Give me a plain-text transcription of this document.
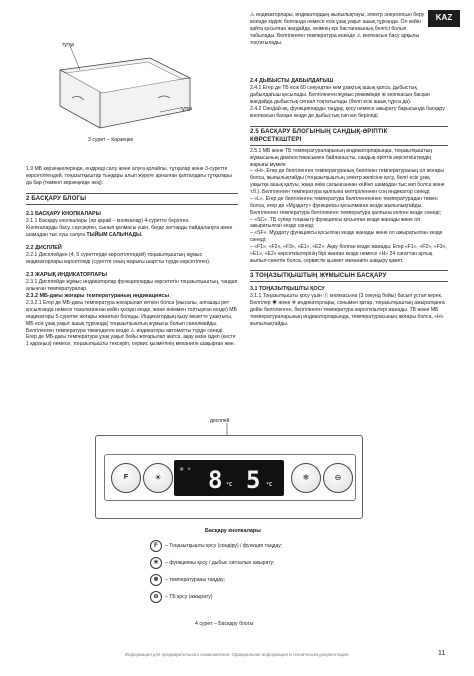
KAZ
тұтқа
тұтқа
3 сурет – Көрзеңке

1.9 МБ көрзеңкелерінде, ендіреді салу және алуға қолайлы, тұтқалар және 3-суретте көрсетілгендей, тоңазытқыштар тыңқары алып жүруге арналған қапталдағы тұтқалары да бар (төменгі көрзеңкеде жоқ).

2 БАСҚАРУ БЛОГЫ
2.1 БАСҚАРУ КНОПКАЛАРЫ

2.1.1 Басқару кнопкалары (әр қарай – кнопкалар) 4-суретте берілген.

Кнопкаларды басу, саусақпен, сынып қалмасы үшін, бөгде заттарды пайдалануға және шамадан тыс күш салуға ТЫЙЫМ САЛЫНАДЫ.

2.2 ДИСПЛЕЙ

2.2.1 Дисплейден (4, 5 суреттерде көрсетілгендей) тоңазытқыштың жұмыс индикаторлары көрсетіледі (суретте оның жарығы шартты түрде көрсетілген).

2.3 ЖАРЫҚ ИНДИКАТОРЛАРЫ

2.3.1 Дисплейде жұмыс индикаторлар функцияларды көрсететін тоңазытқыштың, тандап алынған температуралар.

2.3.2 МБ-дағы жоғары температураның индикациясы

2.3.2.1 Егер де МБ-дағы температура жоғарылап кеткен болса (мысалы, алғашқы рет қосылғанда немесе тазалағаннан кейін қосқан кезде, және өніммен толтырған кезде) МБ индикаторы 5-суретке жоғары жанатын болады. Индикатордың қызу мезетте ұзақтығы, МБ есік ұзақ уақыт ашық тұрғанда) тоңазытқыштың жұмысы болып саналмайды. Белгіленген температура төмендеген кезде ⚠ индикаторы автоматты түрде сөнеді.

Егер де МБ-дағы температура ұзақ уақыт бойы жоғарылап жатса, ақау көзін іздеп (кесте 1 қараңыз) немесе, тоңазытқышты тексеріп, сервис қызметінің механигін шақырған жөн.

⚠ индикаторлары, индикатордың жыпылықтауы, электр энергиясын беру кезінде кідіріс болғанда немесе есік ұзақ уақыт ашық тұрғанда. Ол кейін қайта қосылған жағдайда, өнімнің ері бастағанының белгісі болып табылады. Белгіленген температура кезінде ⚠ кнопкасын басу арқылы тоқтатылады.

2.4 ДЫБЫСТЫ ДАБЫЛДАҒЫШ

2.4.1 Егер де ТБ есік 60 секундтан кем ұзақтық ашық қалса, дыбыстық дабылдағыш қосылады. Белгіленген жұмыс режимінде ⊛ кнопкасын басқан жағдайда дыбыстық сигнал тоқтатылады (белгі есік ашық тұрса да).

2.4.2 Сөндай-ақ, функцияларды таңдау, қосу немесе ажырату барысында басқару кнопкасын басқан кезде де дыбыстық сигнал беріледі.

2.5 БАСҚАРУ БЛОГЫНЫҢ САНДЫҚ-ӘРІПТІК
КӨРСЕТКІШТЕРІ

2.5.1 МБ және ТБ температураларының индикаторларында, тоңазытқыштың жұмысының диагностикасымен байланысты, сандық-әріптік көрсеткіштердің жарығы мүмкін:

– «Н». Егер де белгіленген температураның бөлігінен температураның ол жоғары болса, жыпылықтайды (тоңазытқыштың электр желісіне қосу, белгі есік ұзақ уақытқа ашық қалуы, жаңа өнім салынғаннан кейінгі шамадан тыс көп болса және т.б.). Белгіленген температура қалпына келтіріленнен соң индикатор сөнеді;

– «L». Егер де белгіленген температура белгіленгеннен температурадан төмен болса, егер де «Мұздату» функциясы қосылмаған кезде жыпылықтайды. Белгіленген температура белгіленген температура қалпына келген кезде сөнеді;

– «SC». ТБ супер тоңазыту функциясы қосылған кезде жанады жөне ол ажыратылған кезде сөнеді;

– «SF». Мұздату функциясы қосылған кезде жанады жөне ол ажыратылған кезде сөнеді;

– «F1», «F2», «F3», «E1», «E2». Ақау болған кезде жанады. Егер «F1», «F2», «F3», «E1», «E2» көрсеткіштерінің бірі жанған кезде немесе «Н» 24 сағаттан артық жыпыл-сөнетін болса, сервистік қызмет механигін шақыру қажет.

3 ТОҢАЗЫТҚЫШТЫҢ ЖҰМЫСЫН БАСҚАРУ
3.1 ТОҢАЗЫТҚЫШТЫ ҚОСУ

3.1.1 Тоңазытқышты қосу үшін Ⓕ кнопкасына (3 секунд бойы) басып ұстап керек. Белгілер ☀ және ❄ индикаторлары, сонымен қатар, тоңазытқыштың ажыратқанға дейін белгіленген, белгіленген температура көрсеткіштері жанады. ТБ және МБ температураларының индикаторларында, температурасының жоғары болса, «Н» жыпылықтайды.

дисплей
F	☀ 8 °C 5 °C
❄ ☀
❄	⊖
Басқару кнопкалары
F	– Тоңазытқышты қосу (сөндіру) / функция таңдау;
☀	– функцияны қосу / дыбыс сигналын ажырату;
❄	– температураны таңдау;
⊖	– ТБ қосу (ажырату)
4 сурет – Басқару блогы
Информация для предварительного ознакомления. Официальная информация и техническая документация.	11
